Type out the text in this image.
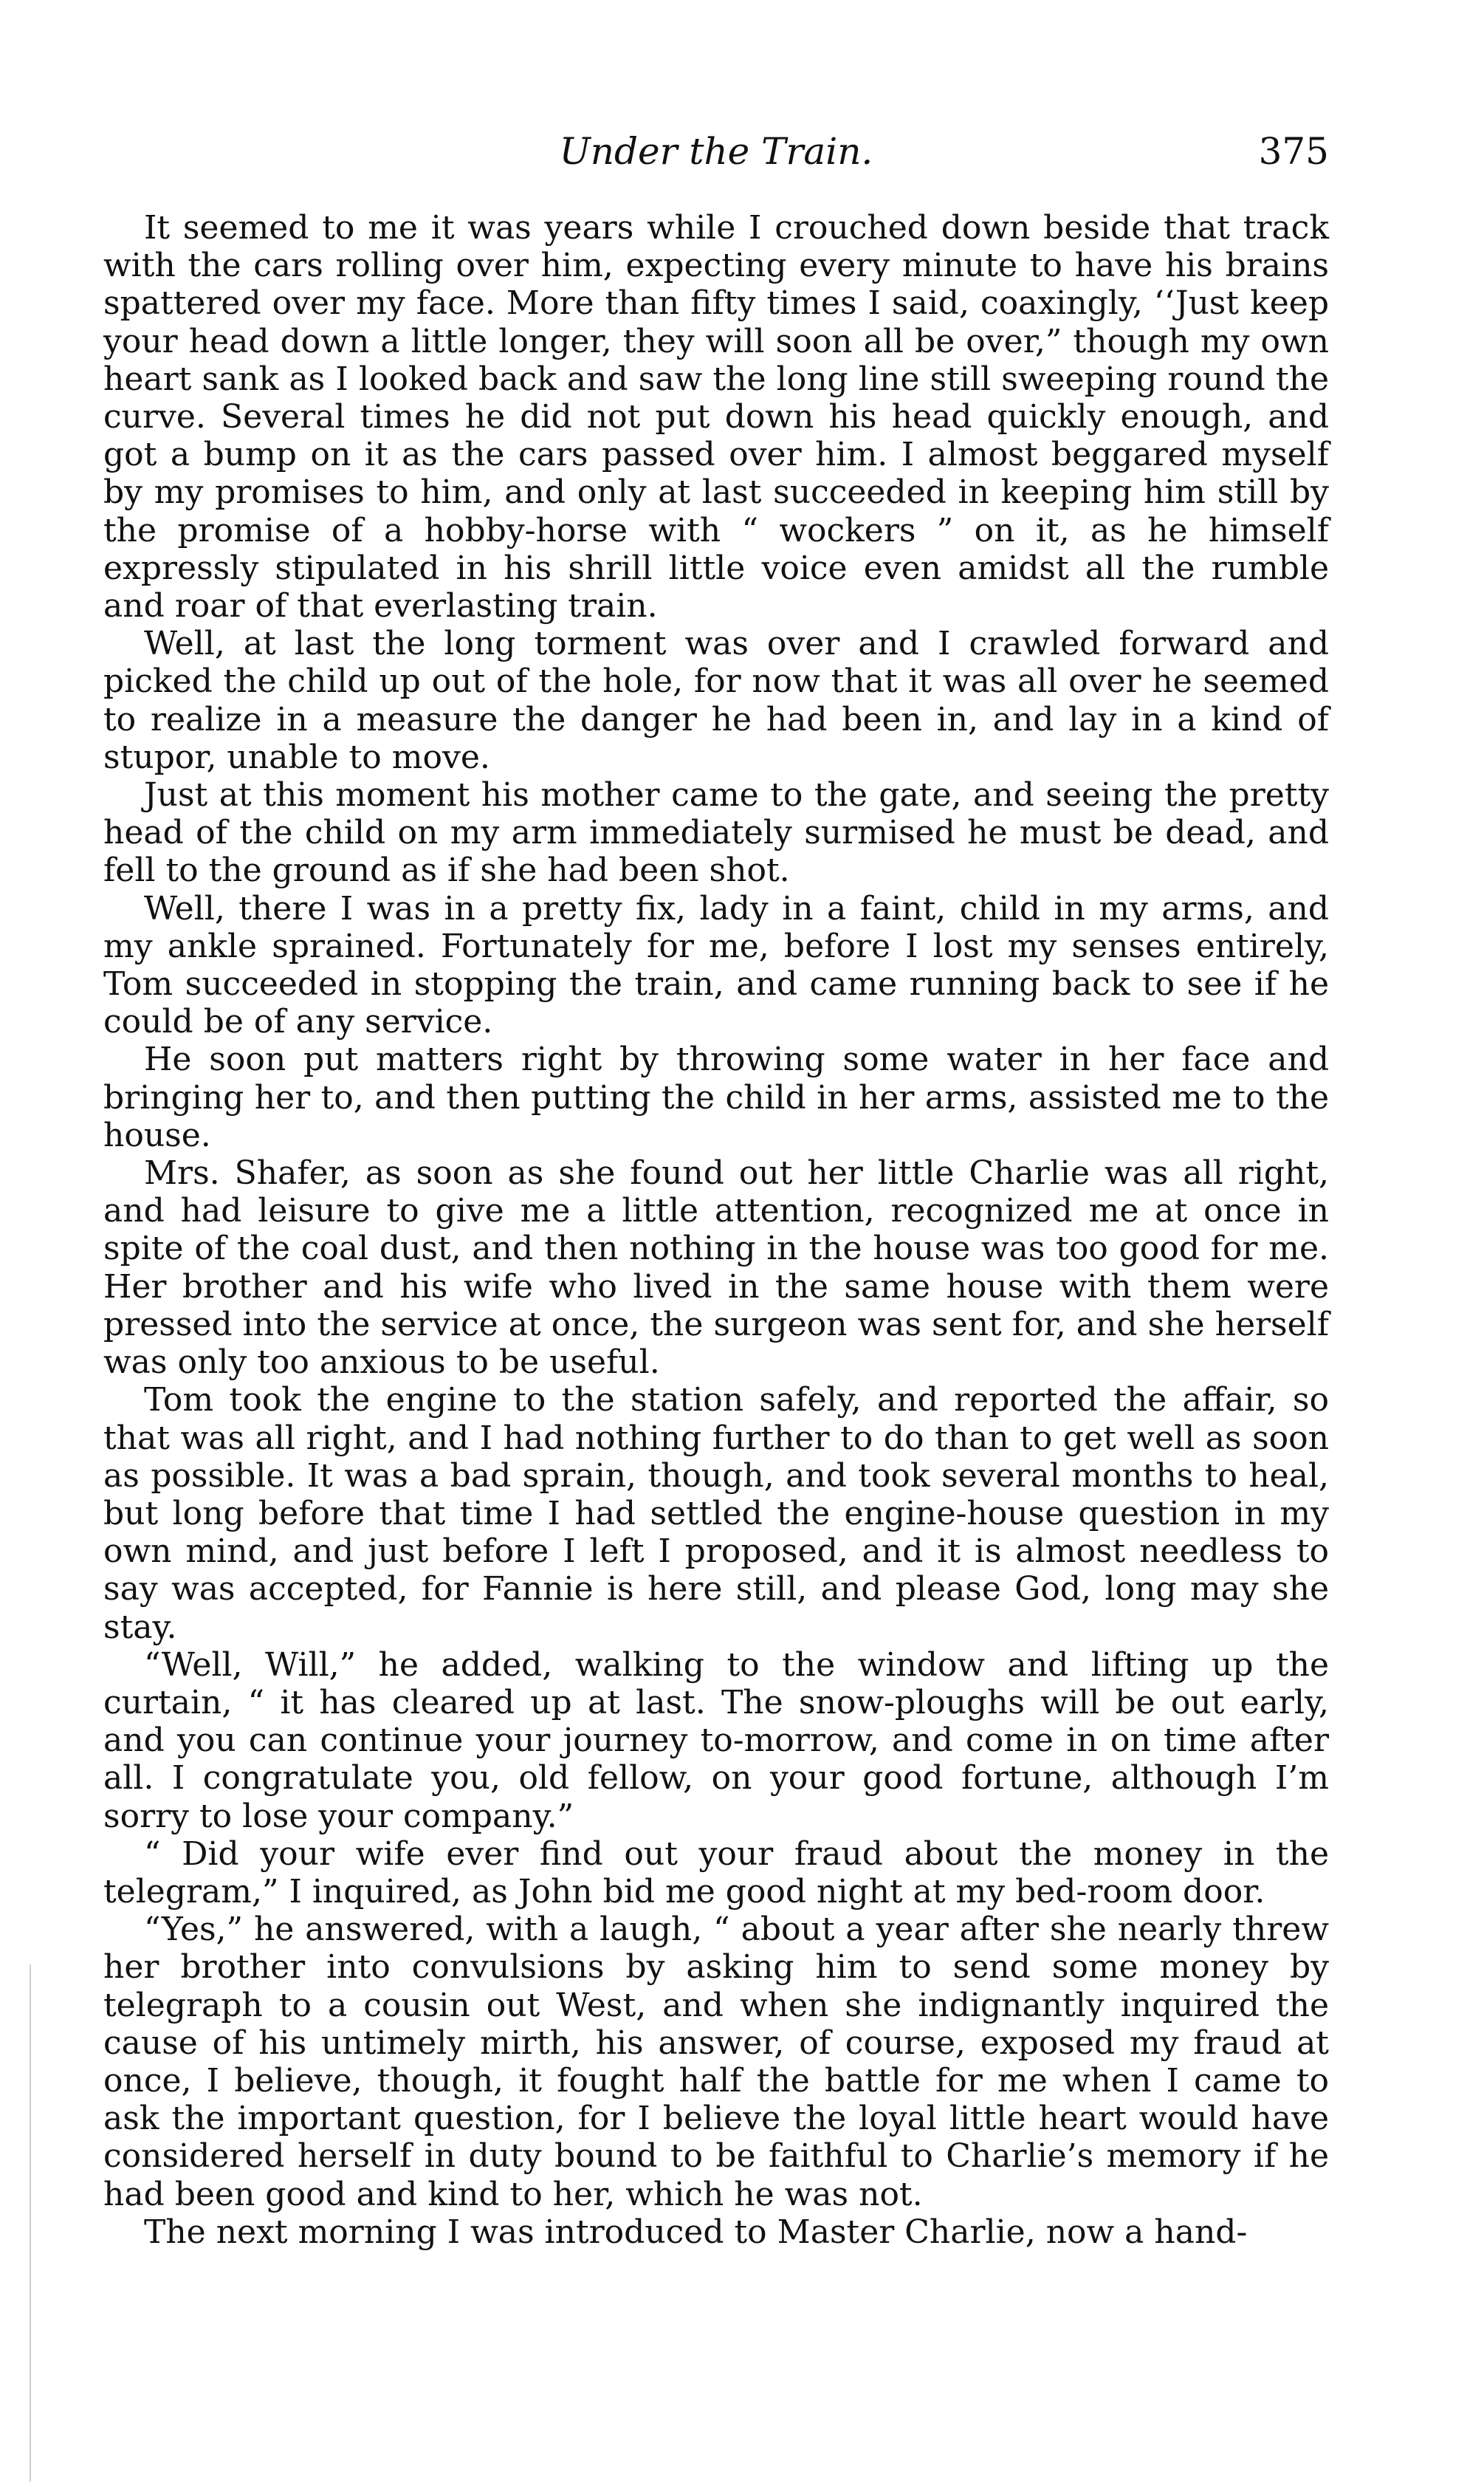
Under the Train.	375

It seemed to me it was years while I crouched down beside that track with the cars rolling over him, expecting every minute to have his brains spattered over my face. More than fifty times I said, coaxingly, ‘‘Just keep your head down a little longer, they will soon all be over,” though my own heart sank as I looked back and saw the long line still sweeping round the curve. Several times he did not put down his head quickly enough, and got a bump on it as the cars passed over him. I almost beggared myself by my promises to him, and only at last succeeded in keeping him still by the promise of a hobby-horse with “ wockers ” on it, as he himself expressly stipulated in his shrill little voice even amidst all the rumble and roar of that everlasting train.

Well, at last the long torment was over and I crawled forward and picked the child up out of the hole, for now that it was all over he seemed to realize in a measure the danger he had been in, and lay in a kind of stupor, unable to move.

Just at this moment his mother came to the gate, and seeing the pretty head of the child on my arm immediately surmised he must be dead, and fell to the ground as if she had been shot.

Well, there I was in a pretty fix, lady in a faint, child in my arms, and my ankle sprained. Fortunately for me, before I lost my senses entirely, Tom succeeded in stopping the train, and came running back to see if he could be of any service.

He soon put matters right by throwing some water in her face and bringing her to, and then putting the child in her arms, assisted me to the house.

Mrs. Shafer, as soon as she found out her little Charlie was all right, and had leisure to give me a little attention, recognized me at once in spite of the coal dust, and then nothing in the house was too good for me. Her brother and his wife who lived in the same house with them were pressed into the service at once, the surgeon was sent for, and she herself was only too anxious to be useful.

Tom took the engine to the station safely, and reported the affair, so that was all right, and I had nothing further to do than to get well as soon as possible. It was a bad sprain, though, and took several months to heal, but long before that time I had settled the engine-house question in my own mind, and just before I left I proposed, and it is almost needless to say was accepted, for Fannie is here still, and please God, long may she stay.

“Well, Will,” he added, walking to the window and lifting up the curtain, “ it has cleared up at last. The snow-ploughs will be out early, and you can continue your journey to-morrow, and come in on time after all. I congratulate you, old fellow, on your good fortune, although I’m sorry to lose your company.”

“ Did your wife ever find out your fraud about the money in the telegram,” I inquired, as John bid me good night at my bed-room door.

“Yes,” he answered, with a laugh, “ about a year after she nearly threw her brother into convulsions by asking him to send some money by telegraph to a cousin out West, and when she indignantly inquired the cause of his untimely mirth, his answer, of course, exposed my fraud at once, I believe, though, it fought half the battle for me when I came to ask the important question, for I believe the loyal little heart would have considered herself in duty bound to be faithful to Charlie’s memory if he had been good and kind to her, which he was not.

The next morning I was introduced to Master Charlie, now a hand-
